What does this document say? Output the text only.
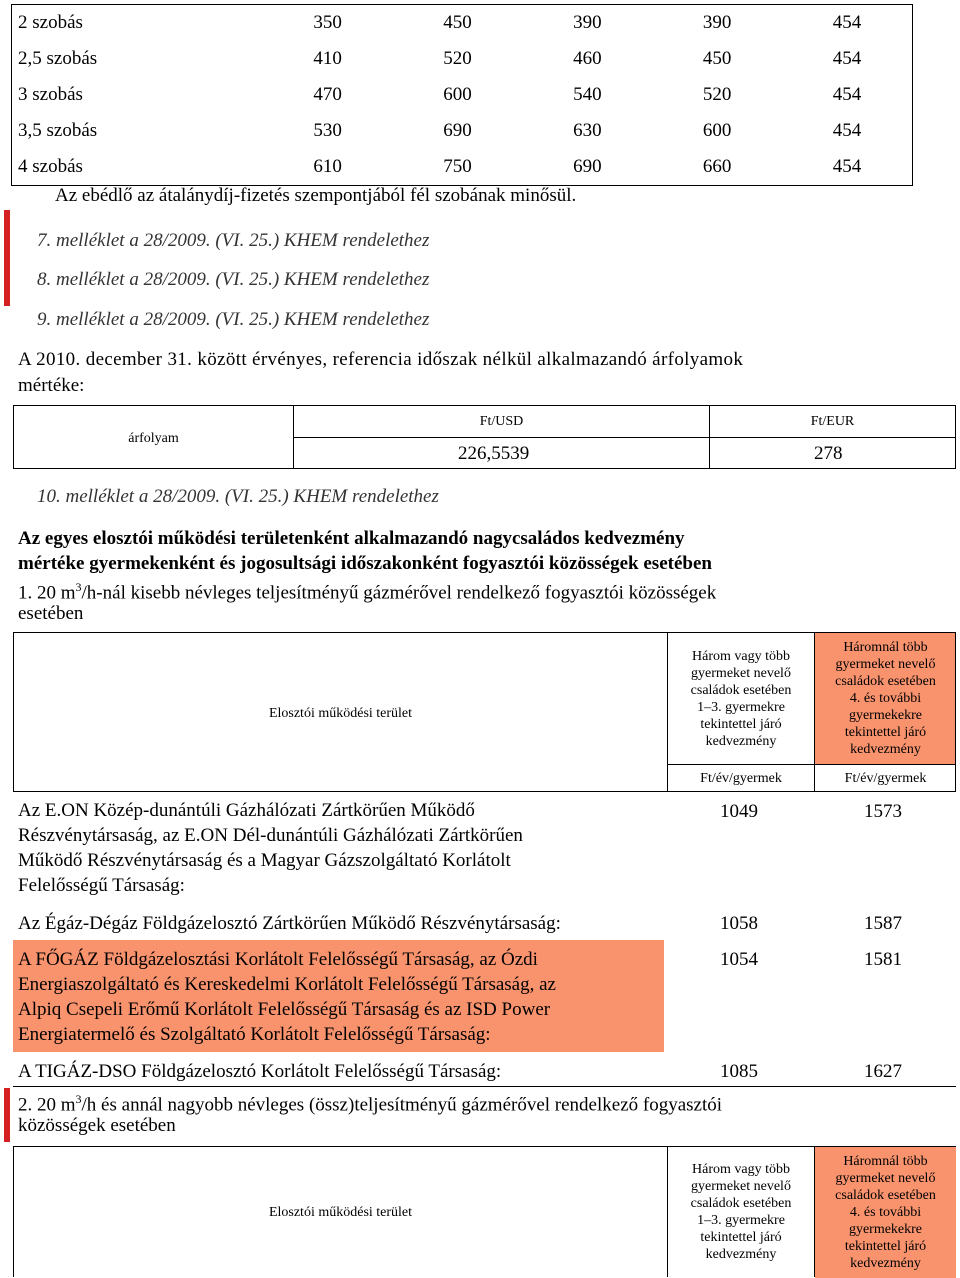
2 szobás	350	450	390	390	454
2,5 szobás	410	520	460	450	454
3 szobás	470	600	540	520	454
3,5 szobás	530	690	630	600	454
4 szobás	610	750	690	660	454
Az ebédlő az átalánydíj-fizetés szempontjából fél szobának minősül.
7. melléklet a 28/2009. (VI. 25.) KHEM rendelethez
8. melléklet a 28/2009. (VI. 25.) KHEM rendelethez
9. melléklet a 28/2009. (VI. 25.) KHEM rendelethez
A 2010. december 31. között érvényes, referencia időszak nélkül alkalmazandó árfolyamok
mértéke:
árfolyam
Ft/USD	Ft/EUR
226,5539	278
10. melléklet a 28/2009. (VI. 25.) KHEM rendelethez
Az egyes elosztói működési területenként alkalmazandó nagycsaládos kedvezmény
mértéke gyermekenként és jogosultsági időszakonként fogyasztói közösségek esetében
1. 20 $m^3/h$-nál kisebb névleges teljesítményű gázmérővel rendelkező fogyasztói közösségek
esetében
Elosztói működési terület
Három vagy több
gyermeket nevelő
családok esetében
1–3. gyermekre
tekintettel járó
kedvezmény
Háromnál több
gyermeket nevelő
családok esetében
4. és további
gyermekekre
tekintettel járó
kedvezmény
Ft/év/gyermek	Ft/év/gyermek
Az E.ON Közép-dunántúli Gázhálózati Zártkörűen Működő
Részvénytársaság, az E.ON Dél-dunántúli Gázhálózati Zártkörűen
Működő Részvénytársaság és a Magyar Gázszolgáltató Korlátolt
Felelősségű Társaság:
1049	1573
Az Égáz-Dégáz Földgázelosztó Zártkörűen Működő Részvénytársaság:	1058	1587
A FŐGÁZ Földgázelosztási Korlátolt Felelősségű Társaság, az Ózdi
Energiaszolgáltató és Kereskedelmi Korlátolt Felelősségű Társaság, az
Alpiq Csepeli Erőmű Korlátolt Felelősségű Társaság és az ISD Power
Energiatermelő és Szolgáltató Korlátolt Felelősségű Társaság:
1054	1581
A TIGÁZ-DSO Földgázelosztó Korlátolt Felelősségű Társaság:	1085	1627
2. 20 $m^3/h$ és annál nagyobb névleges (össz)teljesítményű gázmérővel rendelkező fogyasztói
közösségek esetében
Elosztói működési terület
Három vagy több
gyermeket nevelő
családok esetében
1–3. gyermekre
tekintettel járó
kedvezmény
Háromnál több
gyermeket nevelő
családok esetében
4. és további
gyermekekre
tekintettel járó
kedvezmény
